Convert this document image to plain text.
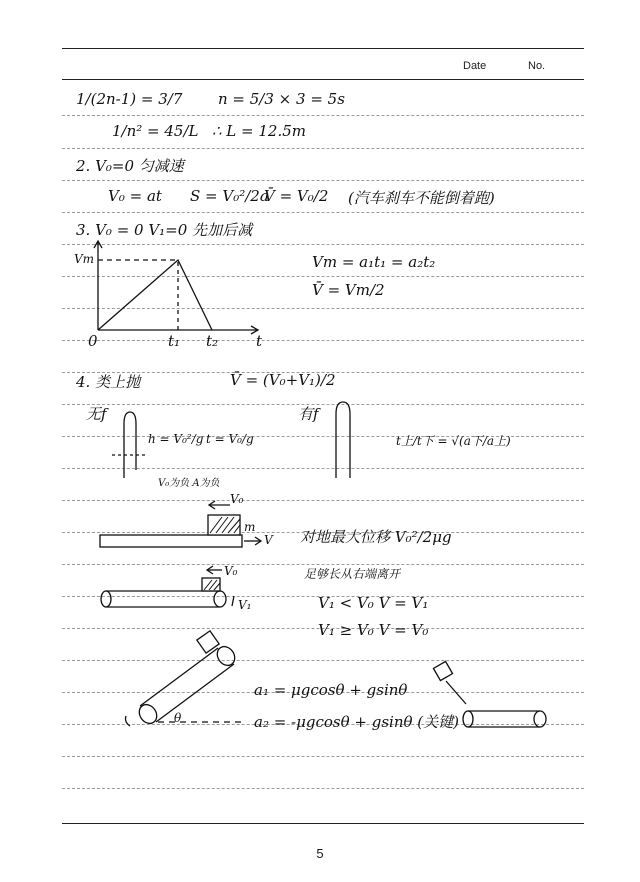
Date	No.
1/(2n-1) = 3/7 n = 5/3 × 3 = 5s
1/n² = 45/L ∴ L = 12.5m
2. V₀=0 匀减速
V₀ = at S = V₀²/2a
V̄ = V₀/2 (汽车刹车不能倒着跑)
3. V₀ = 0 V₁=0 先加后减
Vm
0	t₁ t₂	t
Vm = a₁t₁ = a₂t₂
V̄ = Vm/2
4. 类上抛	V̄ = (V₀+V₁)/2
无f
h = V₀²/g t = V₀/g
V₀为负 A为负
有f
t上/t下 = √(a下/a上)
V₀
m
V 对地最大位移 V₀²/2μg
V₀	足够长从右端离开
V₁	V₁ < V₀ V = V₁
V₁ ≥ V₀ V = V₀
θ
a₁ = μgcosθ + gsinθ
a₂ = -μgcosθ + gsinθ (关键)
5
